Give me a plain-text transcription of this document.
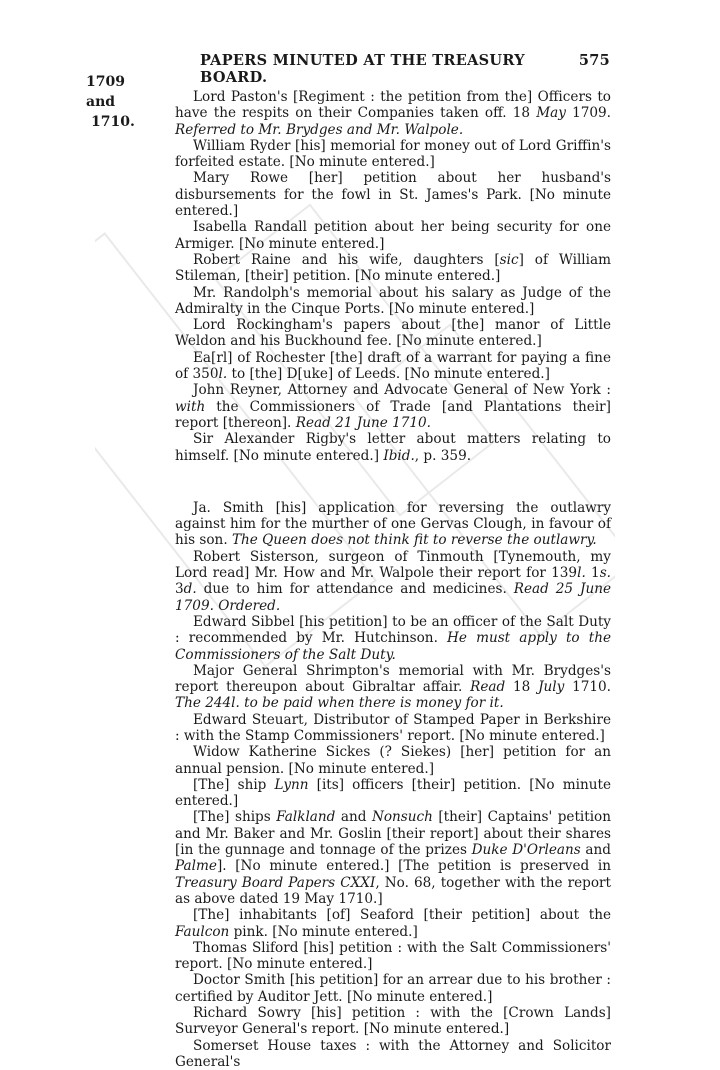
PAPERS MINUTED AT THE TREASURY BOARD.
575
1709 and
1710.

Lord Paston's [Regiment : the petition from the] Officers to have the respits on their Companies taken off. 18 May 1709. Referred to Mr. Brydges and Mr. Walpole.

William Ryder [his] memorial for money out of Lord Griffin's forfeited estate. [No minute entered.]

Mary Rowe [her] petition about her husband's disbursements for the fowl in St. James's Park. [No minute entered.]

Isabella Randall petition about her being security for one Armiger. [No minute entered.]

Robert Raine and his wife, daughters [sic] of William Stileman, [their] petition. [No minute entered.]

Mr. Randolph's memorial about his salary as Judge of the Admiralty in the Cinque Ports. [No minute entered.]

Lord Rockingham's papers about [the] manor of Little Weldon and his Buckhound fee. [No minute entered.]

Ea[rl] of Rochester [the] draft of a warrant for paying a fine of 350l. to [the] D[uke] of Leeds. [No minute entered.]

John Reyner, Attorney and Advocate General of New York : with the Commissioners of Trade [and Plantations their] report [thereon]. Read 21 June 1710.

Sir Alexander Rigby's letter about matters relating to himself. [No minute entered.] Ibid., p. 359.

Ja. Smith [his] application for reversing the outlawry against him for the murther of one Gervas Clough, in favour of his son. The Queen does not think fit to reverse the outlawry.

Robert Sisterson, surgeon of Tinmouth [Tynemouth, my Lord read] Mr. How and Mr. Walpole their report for 139l. 1s. 3d. due to him for attendance and medicines. Read 25 June 1709. Ordered.

Edward Sibbel [his petition] to be an officer of the Salt Duty : recommended by Mr. Hutchinson. He must apply to the Commissioners of the Salt Duty.

Major General Shrimpton's memorial with Mr. Brydges's report thereupon about Gibraltar affair. Read 18 July 1710. The 244l. to be paid when there is money for it.

Edward Steuart, Distributor of Stamped Paper in Berkshire : with the Stamp Commissioners' report. [No minute entered.]

Widow Katherine Sickes (? Siekes) [her] petition for an annual pension. [No minute entered.]

[The] ship Lynn [its] officers [their] petition. [No minute entered.]

[The] ships Falkland and Nonsuch [their] Captains' petition and Mr. Baker and Mr. Goslin [their report] about their shares [in the gunnage and tonnage of the prizes Duke D'Orleans and Palme]. [No minute entered.] [The petition is preserved in Treasury Board Papers CXXI, No. 68, together with the report as above dated 19 May 1710.]

[The] inhabitants [of] Seaford [their petition] about the Faulcon pink. [No minute entered.]

Thomas Sliford [his] petition : with the Salt Commissioners' report. [No minute entered.]

Doctor Smith [his petition] for an arrear due to his brother : certified by Auditor Jett. [No minute entered.]

Richard Sowry [his] petition : with the [Crown Lands] Surveyor General's report. [No minute entered.]

Somerset House taxes : with the Attorney and Solicitor General's
